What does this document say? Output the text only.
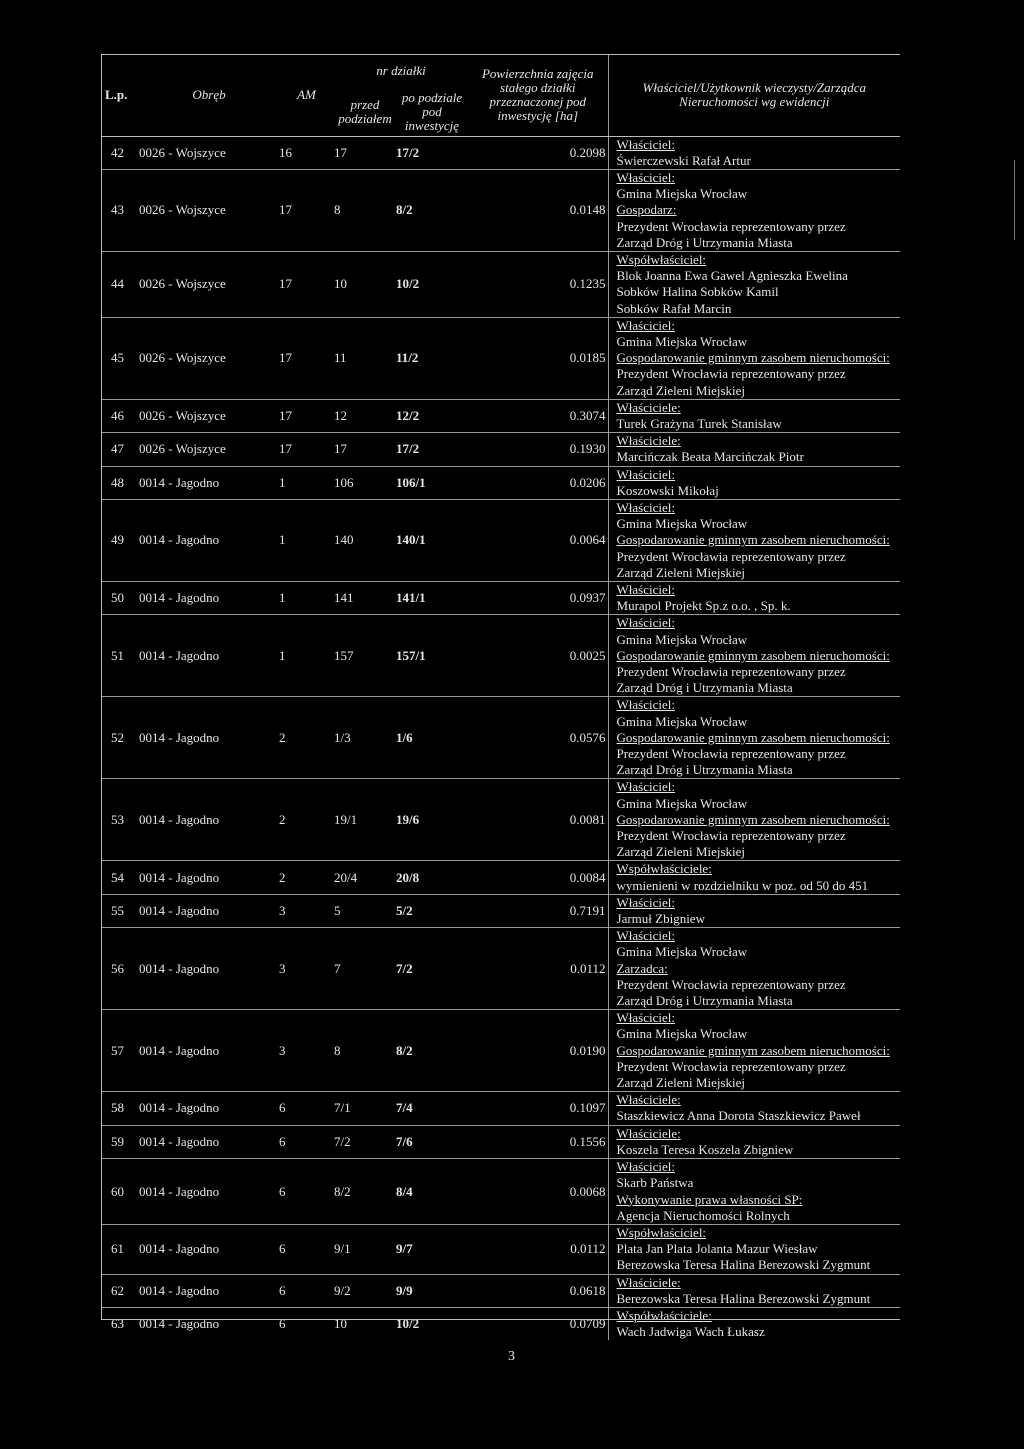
L.p.	Obręb	AM	nr działki		Powierzchnia zajęcia stałego działki przeznaczonej pod inwestycję [ha]	Właściciel/Użytkownik wieczysty/Zarządca Nieruchomości wg ewidencji
			przed podziałem	po podziale pod inwestycję		
42	0026 - Wojszyce	16	17	17/2	0.2098	Właściciel:
Świerczewski Rafał Artur

43	0026 - Wojszyce	17	8	8/2	0.0148	Właściciel:
Gmina Miejska Wrocław
Gospodarz:
Prezydent Wrocławia reprezentowany przez
Zarząd Dróg i Utrzymania Miasta

44	0026 - Wojszyce	17	10	10/2	0.1235	Współwłaściciel:
Blok Joanna Ewa Gawel Agnieszka Ewelina
Sobków Halina Sobków Kamil
Sobków Rafał Marcin

45	0026 - Wojszyce	17	11	11/2	0.0185	Właściciel:
Gmina Miejska Wrocław
Gospodarowanie gminnym zasobem nieruchomości:
Prezydent Wrocławia reprezentowany przez
Zarząd Zieleni Miejskiej

46	0026 - Wojszyce	17	12	12/2	0.3074	Właściciele:
Turek Grażyna Turek Stanisław

47	0026 - Wojszyce	17	17	17/2	0.1930	Właściciele:
Marcińczak Beata Marcińczak Piotr

48	0014 - Jagodno	1	106	106/1	0.0206	Właściciel:
Koszowski Mikołaj

49	0014 - Jagodno	1	140	140/1	0.0064	Właściciel:
Gmina Miejska Wrocław
Gospodarowanie gminnym zasobem nieruchomości:
Prezydent Wrocławia reprezentowany przez
Zarząd Zieleni Miejskiej

50	0014 - Jagodno	1	141	141/1	0.0937	Właściciel:
Murapol Projekt Sp.z o.o. , Sp. k.

51	0014 - Jagodno	1	157	157/1	0.0025	Właściciel:
Gmina Miejska Wrocław
Gospodarowanie gminnym zasobem nieruchomości:
Prezydent Wrocławia reprezentowany przez
Zarząd Dróg i Utrzymania Miasta

52	0014 - Jagodno	2	1/3	1/6	0.0576	Właściciel:
Gmina Miejska Wrocław
Gospodarowanie gminnym zasobem nieruchomości:
Prezydent Wrocławia reprezentowany przez
Zarząd Dróg i Utrzymania Miasta

53	0014 - Jagodno	2	19/1	19/6	0.0081	Właściciel:
Gmina Miejska Wrocław
Gospodarowanie gminnym zasobem nieruchomości:
Prezydent Wrocławia reprezentowany przez
Zarząd Zieleni Miejskiej

54	0014 - Jagodno	2	20/4	20/8	0.0084	Współwłaściciele:
wymienieni w rozdzielniku w poz. od 50 do 451

55	0014 - Jagodno	3	5	5/2	0.7191	Właściciel:
Jarmuł Zbigniew

56	0014 - Jagodno	3	7	7/2	0.0112	Właściciel:
Gmina Miejska Wrocław
Zarzadca:
Prezydent Wrocławia reprezentowany przez
Zarząd Dróg i Utrzymania Miasta

57	0014 - Jagodno	3	8	8/2	0.0190	Właściciel:
Gmina Miejska Wrocław
Gospodarowanie gminnym zasobem nieruchomości:
Prezydent Wrocławia reprezentowany przez
Zarząd Zieleni Miejskiej

58	0014 - Jagodno	6	7/1	7/4	0.1097	Właściciele:
Staszkiewicz Anna Dorota Staszkiewicz Paweł

59	0014 - Jagodno	6	7/2	7/6	0.1556	Właściciele:
Koszela Teresa Koszela Zbigniew

60	0014 - Jagodno	6	8/2	8/4	0.0068	Właściciel:
Skarb Państwa
Wykonywanie prawa własności SP:
Agencja Nieruchomości Rolnych

61	0014 - Jagodno	6	9/1	9/7	0.0112	Współwłaściciel:
Plata Jan Plata Jolanta Mazur Wiesław
Berezowska Teresa Halina Berezowski Zygmunt

62	0014 - Jagodno	6	9/2	9/9	0.0618	Właściciele:
Berezowska Teresa Halina Berezowski Zygmunt

63	0014 - Jagodno	6	10	10/2	0.0709	Współwłaściciele:
Wach Jadwiga Wach Łukasz
3
